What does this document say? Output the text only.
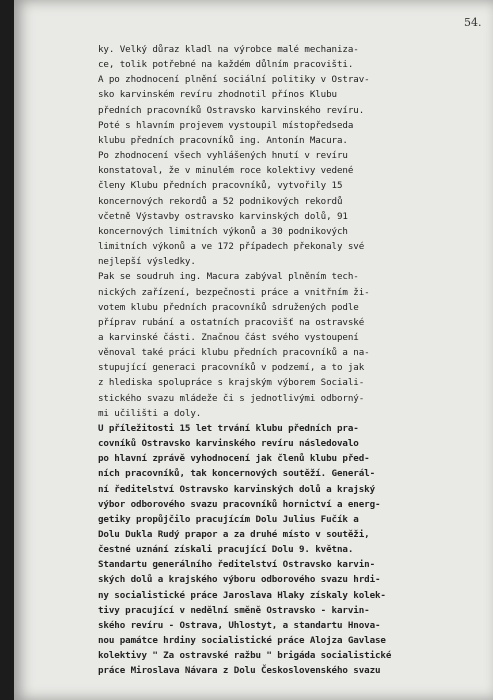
54.
ky. Velký důraz kladl na výrobce malé mechaniza-
ce, tolik potřebné na každém důlním pracovišti.
A po zhodnocení plnění sociální politiky v Ostrav-
sko karvinském revíru zhodnotil přínos Klubu
předních pracovníků Ostravsko karvinského revíru.
Poté s hlavním projevem vystoupil místopředseda
klubu předních pracovníků ing. Antonín Macura.
Po zhodnocení všech vyhlášených hnutí v revíru
konstatoval, že v minulém roce kolektivy vedené
členy Klubu předních pracovníků, vytvořily 15
koncernových rekordů a 52 podnikových rekordů
včetně Výstavby ostravsko karvinských dolů, 91
koncernových limitních výkonů a 30 podnikových
limitních výkonů a ve 172 případech překonaly své
nejlepší výsledky.
Pak se soudruh ing. Macura zabýval plněním tech-
nických zařízení, bezpečnosti práce a vnitřním ži-
votem klubu předních pracovníků sdružených podle
příprav rubání a ostatních pracovišť na ostravské
a karvinské části. Značnou část svého vystoupení
věnoval také práci klubu předních pracovníků a na-
stupující generaci pracovníků v podzemí, a to jak
z hlediska spolupráce s krajským výborem Sociali-
stického svazu mládeže či s jednotlivými odborný-
mi učilišti a doly.
U příležitosti 15 let trvání klubu předních pra-
covníků Ostravsko karvinského revíru následovalo
po hlavní zprávě vyhodnocení jak členů klubu před-
ních pracovníků, tak koncernových soutěží. Generál-
ní ředitelství Ostravsko karvinských dolů a krajský
výbor odborového svazu pracovníků hornictví a energ-
getiky propůjčilo pracujícím Dolu Julius Fučík a
Dolu Dukla Rudý prapor a za druhé místo v soutěži,
čestné uznání získali pracující Dolu 9. května.
Standartu generálního ředitelství Ostravsko karvin-
ských dolů a krajského výboru odborového svazu hrdi-
ny socialistické práce Jaroslava Hlaky získaly kolek-
tivy pracující v nedělní směně Ostravsko - karvin-
ského revíru - Ostrava, Uhlostyt, a standartu Hnova-
nou památce hrdiny socialistické práce Alojza Gavlase
kolektivy " Za ostravské ražbu " brigáda socialistické
práce Miroslava Návara z Dolu Československého svazu
